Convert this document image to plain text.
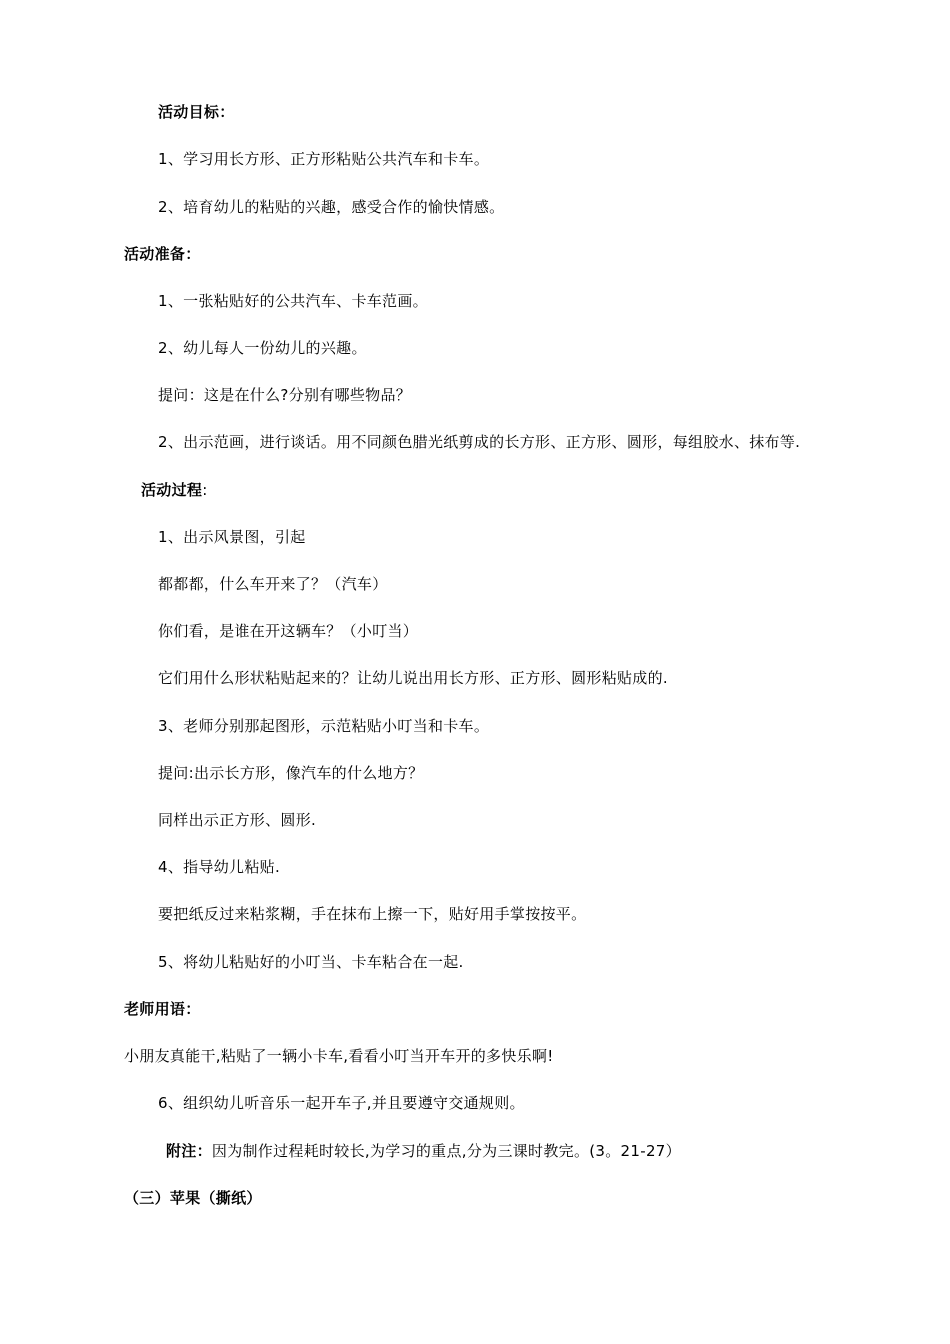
活动目标：
1、学习用长方形、正方形粘贴公共汽车和卡车。
2、培育幼儿的粘贴的兴趣，感受合作的愉快情感。
活动准备：
1、一张粘贴好的公共汽车、卡车范画。
2、幼儿每人一份幼儿的兴趣。
提问：这是在什么?分别有哪些物品？
2、出示范画，进行谈话。用不同颜色腊光纸剪成的长方形、正方形、圆形，每组胶水、抹布等.
活动过程:
1、出示风景图，引起
都都都，什么车开来了？（汽车）
你们看，是谁在开这辆车？（小叮当）
它们用什么形状粘贴起来的？让幼儿说出用长方形、正方形、圆形粘贴成的.
3、老师分别那起图形，示范粘贴小叮当和卡车。
提问:出示长方形，像汽车的什么地方？
同样出示正方形、圆形.
4、指导幼儿粘贴.
要把纸反过来粘浆糊，手在抹布上擦一下，贴好用手掌按按平。
5、将幼儿粘贴好的小叮当、卡车粘合在一起.
老师用语：
小朋友真能干,粘贴了一辆小卡车,看看小叮当开车开的多快乐啊!
6、组织幼儿听音乐一起开车子,并且要遵守交通规则。
附注：因为制作过程耗时较长,为学习的重点,分为三课时教完。(3。21-27）
（三）苹果（撕纸）
